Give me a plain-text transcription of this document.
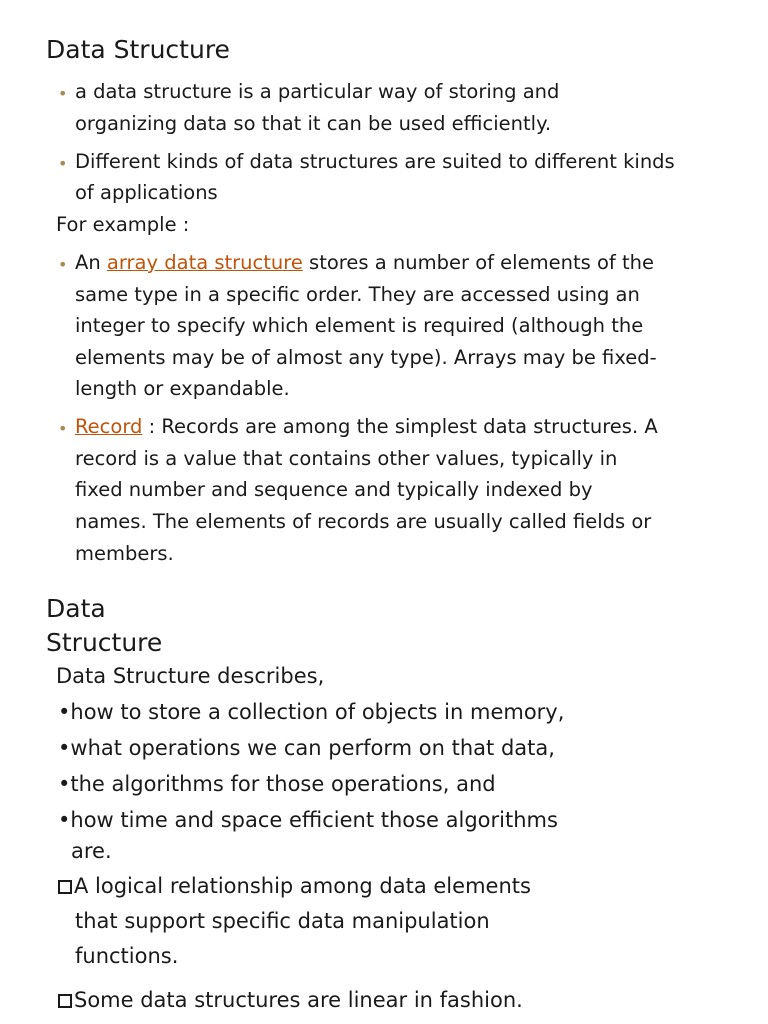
Data Structure
• a data structure is a particular way of storing and
organizing data so that it can be used efficiently.
• Different kinds of data structures are suited to different kinds
of applications
For example :
• An array data structure stores a number of elements of the
same type in a specific order. They are accessed using an
integer to specify which element is required (although the
elements may be of almost any type). Arrays may be fixed-
length or expandable.
• Record : Records are among the simplest data structures. A
record is a value that contains other values, typically in
fixed number and sequence and typically indexed by
names. The elements of records are usually called fields or
members.
Data
Structure
Data Structure describes,
•how to store a collection of objects in memory,
•what operations we can perform on that data,
•the algorithms for those operations, and
•how time and space efficient those algorithms
are.
A logical relationship among data elements
that support specific data manipulation
functions.
Some data structures are linear in fashion.
